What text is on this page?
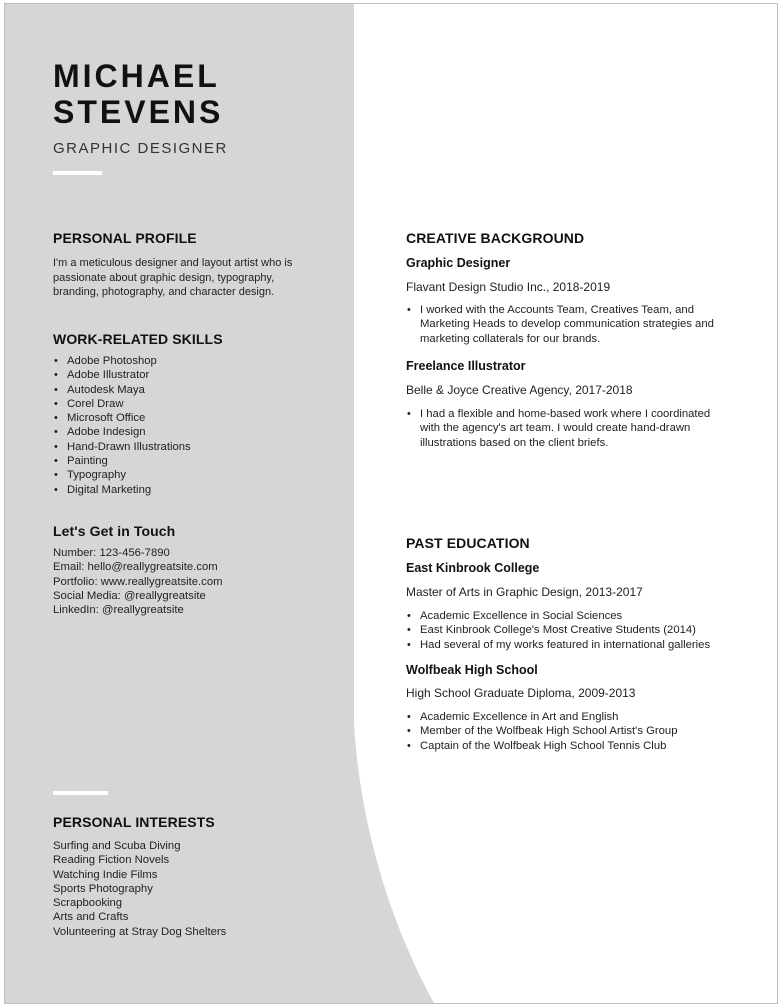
MICHAEL
STEVENS
GRAPHIC DESIGNER
PERSONAL PROFILE
I'm a meticulous designer and layout artist who is
passionate about graphic design, typography,
branding, photography, and character design.
WORK-RELATED SKILLS
• Adobe Photoshop
• Adobe Illustrator
• Autodesk Maya
• Corel Draw
• Microsoft Office
• Adobe Indesign
• Hand-Drawn Illustrations
• Painting
• Typography
• Digital Marketing
Let's Get in Touch
Number: 123-456-7890
Email: hello@reallygreatsite.com
Portfolio: www.reallygreatsite.com
Social Media: @reallygreatsite
LinkedIn: @reallygreatsite
PERSONAL INTERESTS
Surfing and Scuba Diving
Reading Fiction Novels
Watching Indie Films
Sports Photography
Scrapbooking
Arts and Crafts
Volunteering at Stray Dog Shelters
CREATIVE BACKGROUND
Graphic Designer
Flavant Design Studio Inc., 2018-2019
• I worked with the Accounts Team, Creatives Team, and
Marketing Heads to develop communication strategies and
marketing collaterals for our brands.
Freelance Illustrator
Belle & Joyce Creative Agency, 2017-2018
• I had a flexible and home-based work where I coordinated
with the agency's art team. I would create hand-drawn
illustrations based on the client briefs.
PAST EDUCATION
East Kinbrook College
Master of Arts in Graphic Design, 2013-2017
• Academic Excellence in Social Sciences
• East Kinbrook College's Most Creative Students (2014)
• Had several of my works featured in international galleries
Wolfbeak High School
High School Graduate Diploma, 2009-2013
• Academic Excellence in Art and English
• Member of the Wolfbeak High School Artist's Group
• Captain of the Wolfbeak High School Tennis Club
